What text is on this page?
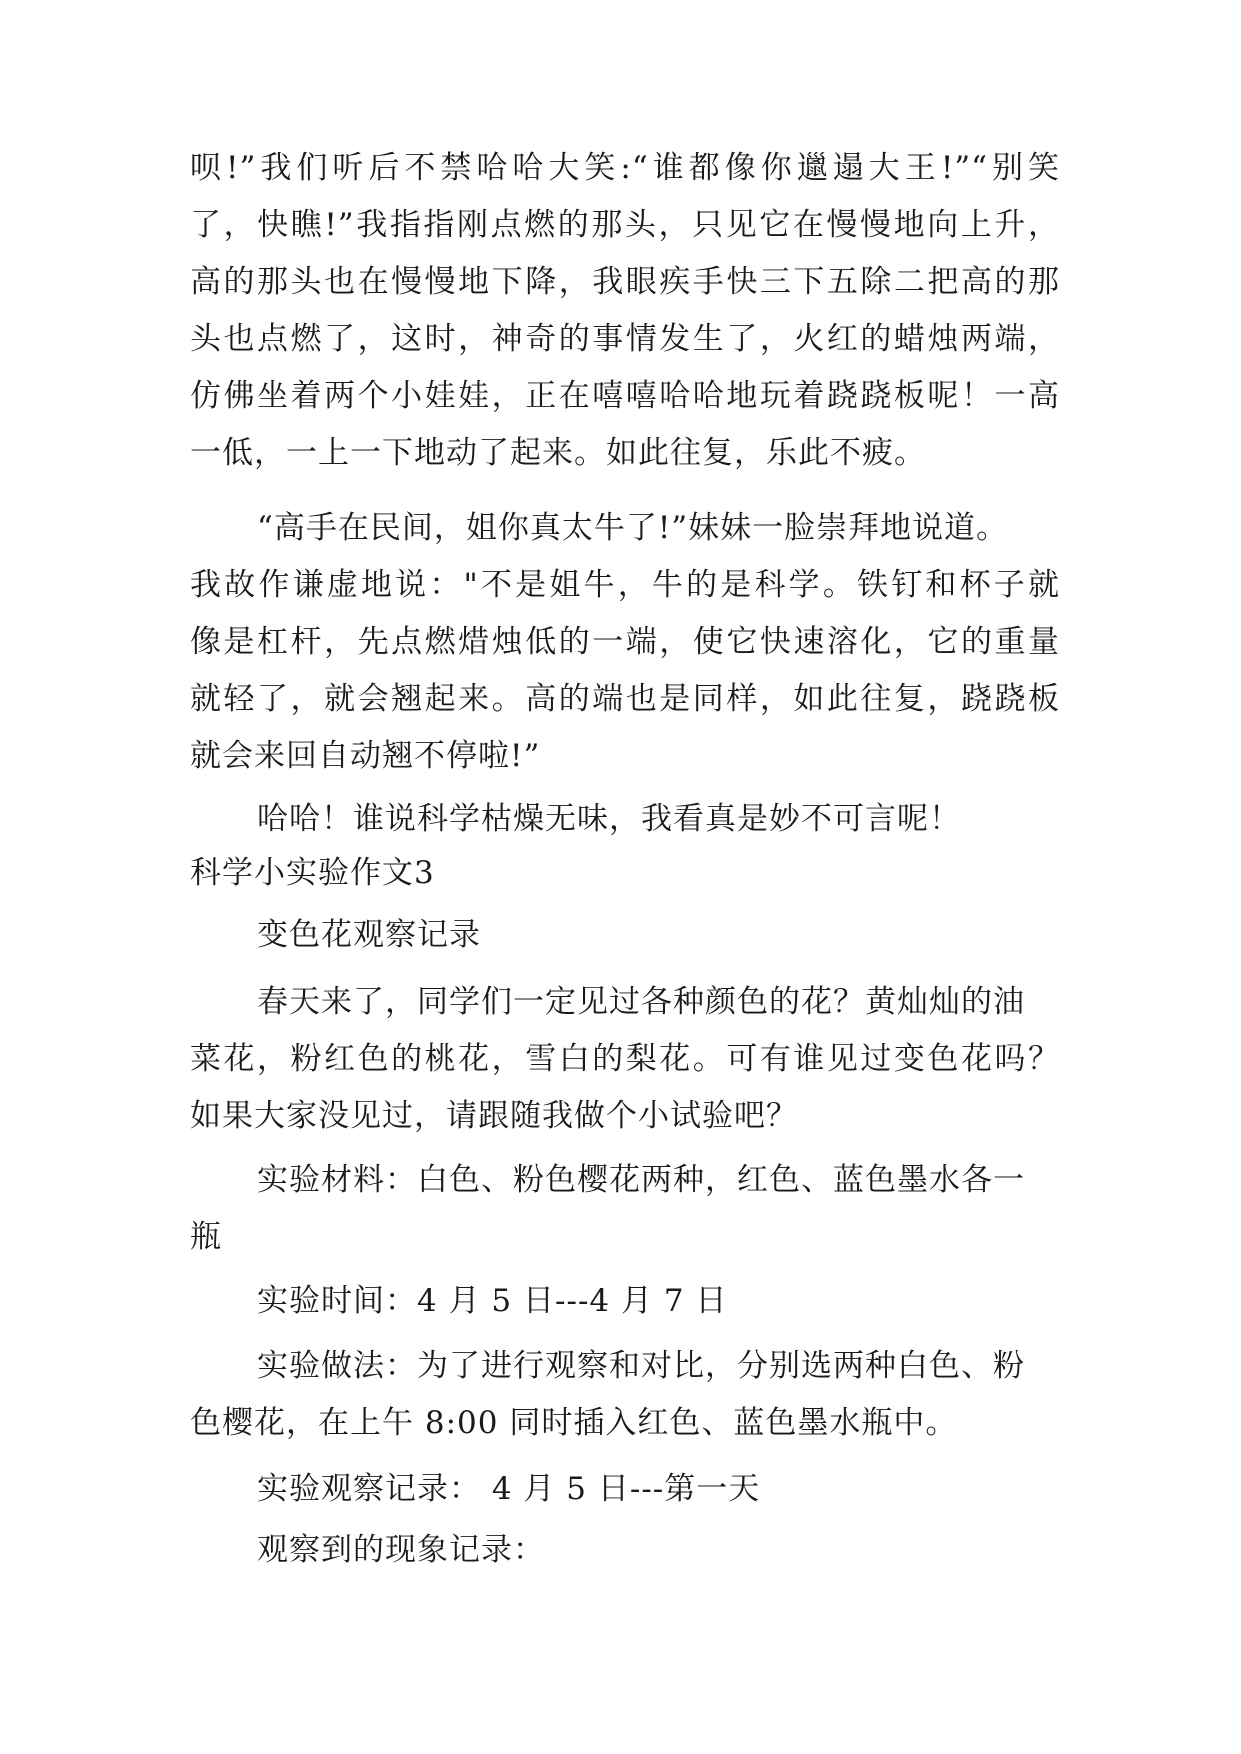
呗!”我们听后不禁哈哈大笑:“谁都像你邋遢大王!”“别笑
了，快瞧!”我指指刚点燃的那头，只见它在慢慢地向上升，
高的那头也在慢慢地下降，我眼疾手快三下五除二把高的那
头也点燃了，这时，神奇的事情发生了，火红的蜡烛两端，
仿佛坐着两个小娃娃，正在嘻嘻哈哈地玩着跷跷板呢！一高
一低，一上一下地动了起来。如此往复，乐此不疲。
“高手在民间，姐你真太牛了!”妹妹一脸崇拜地说道。
我故作谦虚地说："不是姐牛，牛的是科学。铁钉和杯子就
像是杠杆，先点燃焟烛低的一端，使它快速溶化，它的重量
就轻了，就会翘起来。高的端也是同样，如此往复，跷跷板
就会来回自动翘不停啦!”
哈哈！谁说科学枯燥无味，我看真是妙不可言呢！
科学小实验作文3
变色花观察记录
春天来了，同学们一定见过各种颜色的花？黄灿灿的油
菜花，粉红色的桃花，雪白的梨花。可有谁见过变色花吗？
如果大家没见过，请跟随我做个小试验吧？
实验材料：白色、粉色樱花两种，红色、蓝色墨水各一
瓶
实验时间：4 月 5 日---4 月 7 日
实验做法：为了进行观察和对比，分别选两种白色、粉
色樱花，在上午 8:00 同时插入红色、蓝色墨水瓶中。
实验观察记录： 4 月 5 日---第一天
观察到的现象记录：
